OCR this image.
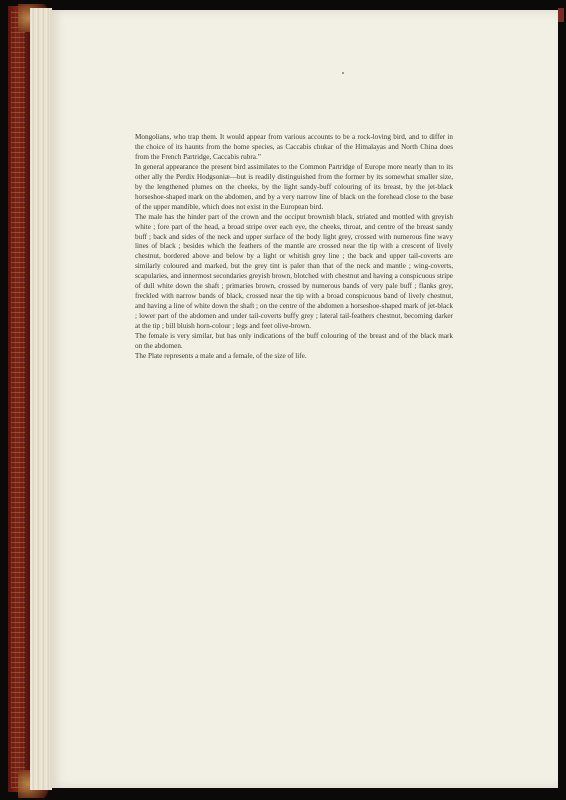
Mongolians, who trap them. It would appear from various accounts to be a rock-loving bird, and to differ in the choice of its haunts from the home species, as Caccabis chukar of the Himalayas and North China does from the French Partridge, Caccabis rubra.”

In general appearance the present bird assimilates to the Common Partridge of Europe more nearly than to its other ally the Perdix Hodgsoniæ—but is readily distinguished from the former by its somewhat smaller size, by the lengthened plumes on the cheeks, by the light sandy-buff colouring of its breast, by the jet-black horseshoe-shaped mark on the abdomen, and by a very narrow line of black on the forehead close to the base of the upper mandible, which does not exist in the European bird.

The male has the hinder part of the crown and the occiput brownish black, striated and mottled with greyish white ; fore part of the head, a broad stripe over each eye, the cheeks, throat, and centre of the breast sandy buff ; back and sides of the neck and upper surface of the body light grey, crossed with numerous fine wavy lines of black ; besides which the feathers of the mantle are crossed near the tip with a crescent of lively chestnut, bordered above and below by a light or whitish grey line ; the back and upper tail-coverts are similarly coloured and marked, but the grey tint is paler than that of the neck and mantle ; wing-coverts, scapularies, and innermost secondaries greyish brown, blotched with chestnut and having a conspicuous stripe of dull white down the shaft ; primaries brown, crossed by numerous bands of very pale buff ; flanks grey, freckled with narrow bands of black, crossed near the tip with a broad conspicuous band of lively chestnut, and having a line of white down the shaft ; on the centre of the abdomen a horseshoe-shaped mark of jet-black ; lower part of the abdomen and under tail-coverts buffy grey ; lateral tail-feathers chestnut, becoming darker at the tip ; bill bluish horn-colour ; legs and feet olive-brown.

The female is very similar, but has only indications of the buff colouring of the breast and of the black mark on the abdomen.

The Plate represents a male and a female, of the size of life.
